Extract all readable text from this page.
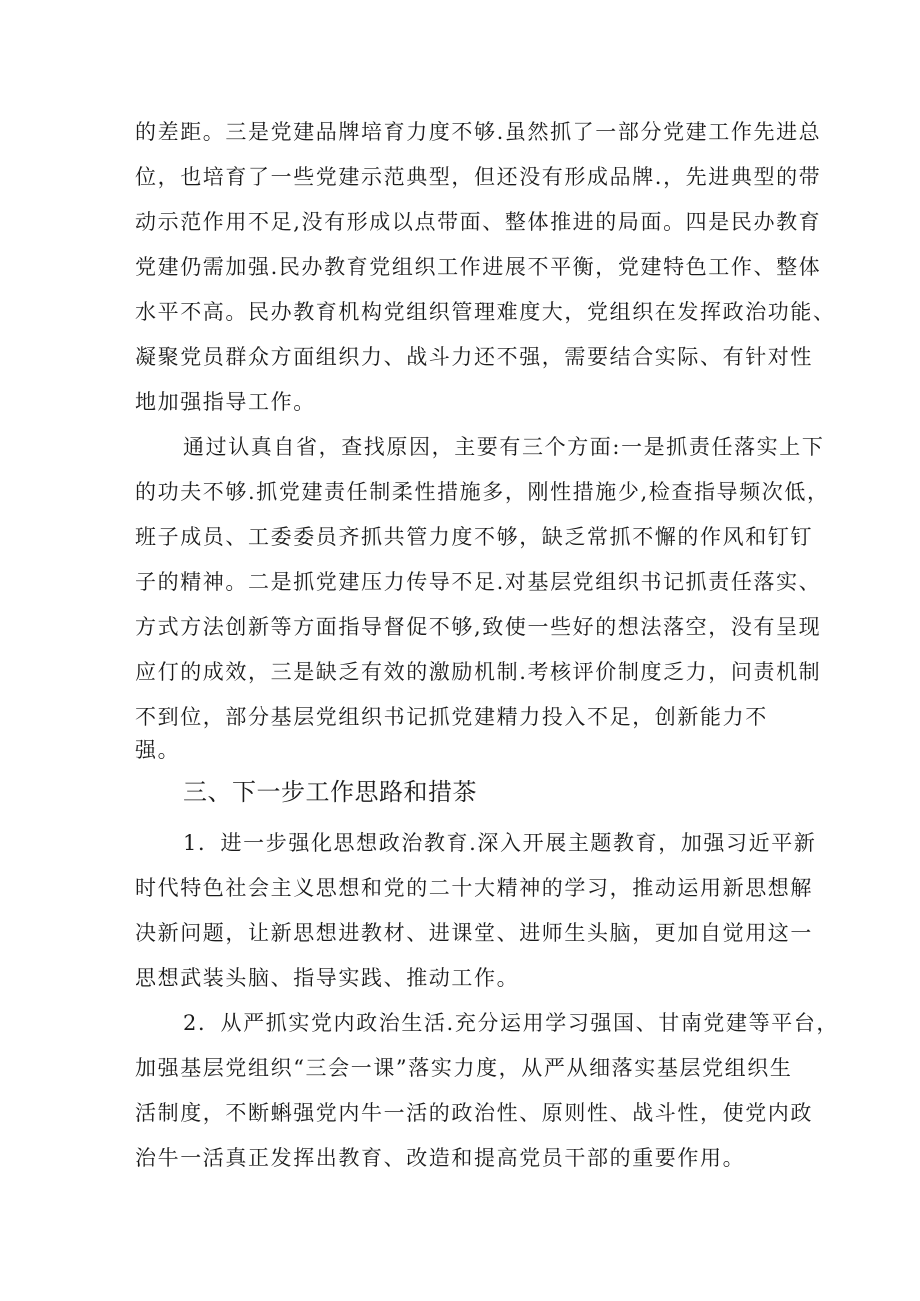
的差距。三是党建品牌培育力度不够.虽然抓了一部分党建工作先进总
位，也培育了一些党建示范典型，但还没有形成品牌.，先进典型的带
动示范作用不足,没有形成以点带面、整体推进的局面。四是民办教育
党建仍需加强.民办教育党组织工作进展不平衡，党建特色工作、整体
水平不高。民办教育机构党组织管理难度大，党组织在发挥政治功能、
凝聚党员群众方面组织力、战斗力还不强，需要结合实际、有针对性
地加强指导工作。
通过认真自省，查找原因，主要有三个方面:一是抓责任落实上下
的功夫不够.抓党建责任制柔性措施多，刚性措施少,检查指导频次低，
班子成员、工委委员齐抓共管力度不够，缺乏常抓不懈的作风和钉钉
子的精神。二是抓党建压力传导不足.对基层党组织书记抓责任落实、
方式方法创新等方面指导督促不够,致使一些好的想法落空，没有呈现
应仃的成效，三是缺乏有效的激励机制.考核评价制度乏力，问责机制
不到位，部分基层党组织书记抓党建精力投入不足，创新能力不
强。
三、下一步工作思路和措茶
1．进一步强化思想政治教育.深入开展主题教育，加强习近平新
时代特色社会主义思想和党的二十大精神的学习，推动运用新思想解
决新问题，让新思想进教材、进课堂、进师生头脑，更加自觉用这一
思想武装头脑、指导实践、推动工作。
2．从严抓实党内政治生活.充分运用学习强国、甘南党建等平台，
加强基层党组织“三会一课”落实力度，从严从细落实基层党组织生
活制度，不断蝌强党内牛一活的政治性、原则性、战斗性，使党内政
治牛一活真正发挥出教育、改造和提高党员干部的重要作用。
